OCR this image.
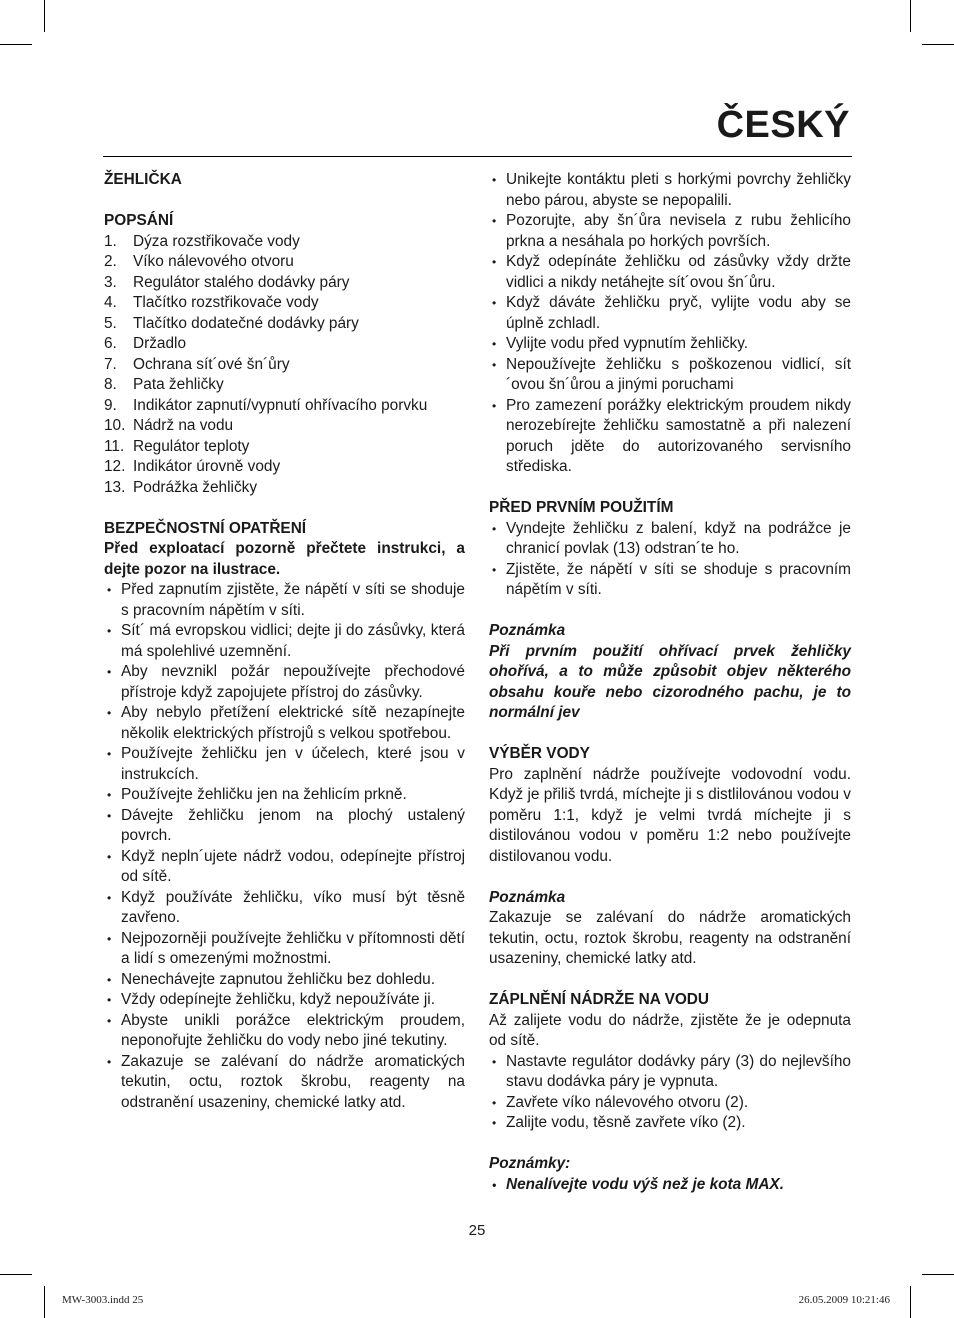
ČESKÝ

ŽEHLIČKA

POPSÁNÍ

1.	Dýza rozstřikovače vody
2.	Víko nálevového otvoru
3.	Regulátor stalého dodávky páry
4.	Tlačítko rozstřikovače vody
5.	Tlačítko dodatečné dodávky páry
6.	Držadlo
7.	Ochrana sít´ové šn´ůry
8.	Pata žehličky
9.	Indikátor zapnutí/vypnutí ohřívacího porvku
10. Nádrž na vodu
11. Regulátor teploty
12. Indikátor úrovně vody
13. Podrážka žehličky

BEZPEČNOSTNÍ OPATŘENÍ

Před exploatací pozorně přečtete instrukci, a dejte pozor na ilustrace.

• Před zapnutím zjistěte, že nápětí v síti se shoduje s pracovním nápětím v síti.
• Sít´ má evropskou vidlici; dejte ji do zásůvky, která má spolehlivé uzemnění.
• Aby nevznikl požár nepoužívejte přechodové přístroje když zapojujete přístroj do zásůvky.
• Aby nebylo přetížení elektrické sítě nezapínejte několik elektrických přístrojů s velkou spotřebou.
• Používejte žehličku jen v účelech, které jsou v instrukcích.
• Používejte žehličku jen na žehlicím prkně.
• Dávejte žehličku jenom na plochý ustalený povrch.
• Když nepln´ujete nádrž vodou, odepínejte přístroj od sítě.
• Když používáte žehličku, víko musí být těsně zavřeno.
• Nejpozorněji používejte žehličku v přítomnosti dětí a lidí s omezenými možnostmi.
• Nenechávejte zapnutou žehličku bez dohledu.
• Vždy odepínejte žehličku, když nepoužíváte ji.
• Abyste unikli porážce elektrickým proudem, neponořujte žehličku do vody nebo jiné tekutiny.
• Zakazuje se zalévaní do nádrže aromatických tekutin, octu, roztok škrobu, reagenty na odstranění usazeniny, chemické latky atd.
• Unikejte kontáktu pleti s horkými povrchy žehličky nebo párou, abyste se nepopalili.
• Pozorujte, aby šn´ůra nevisela z rubu žehlicího prkna a nesáhala po horkých površích.
• Když odepínáte žehličku od zásůvky vždy držte vidlici a nikdy netáhejte sít´ovou šn´ůru.
• Když dáváte žehličku pryč, vylijte vodu aby se úplně zchladl.
• Vylijte vodu před vypnutím žehličky.
• Nepoužívejte žehličku s poškozenou vidlicí, sít´ovou šn´ůrou a jinými poruchami
• Pro zamezení porážky elektrickým proudem nikdy nerozebírejte žehličku samostatně a při nalezení poruch jděte do autorizovaného servisního střediska.

PŘED PRVNÍM POUŽITÍM

• Vyndejte žehličku z balení, když na podrážce je chranicí povlak (13) odstran´te ho.
• Zjistěte, že nápětí v síti se shoduje s pracovním nápětím v síti.

Poznámka

Při prvním použití ohřívací prvek žehličky ohořívá, a to může způsobit objev některého obsahu kouře nebo cizorodného pachu, je to normální jev

VÝBĚR VODY

Pro zaplnění nádrže používejte vodovodní vodu. Když je přiliš tvrdá, míchejte ji s distlilovánou vodou v poměru 1:1, když je velmi tvrdá míchejte ji s distilovánou vodou v poměru 1:2 nebo používejte distilovanou vodu.

Poznámka

Zakazuje se zalévaní do nádrže aromatických tekutin, octu, roztok škrobu, reagenty na odstranění usazeniny, chemické latky atd.

ZÁPLNĚNÍ NÁDRŽE NA VODU

Až zalijete vodu do nádrže, zjistěte že je odepnuta od sítě.

• Nastavte regulátor dodávky páry (3) do nejlevšího stavu dodávka páry je vypnuta.
• Zavřete víko nálevového otvoru (2).
• Zalijte vodu, těsně zavřete víko (2).

Poznámky:

• Nenalívejte vodu výš než je kota MAX.
25
MW-3003.indd 25	26.05.2009 10:21:46
